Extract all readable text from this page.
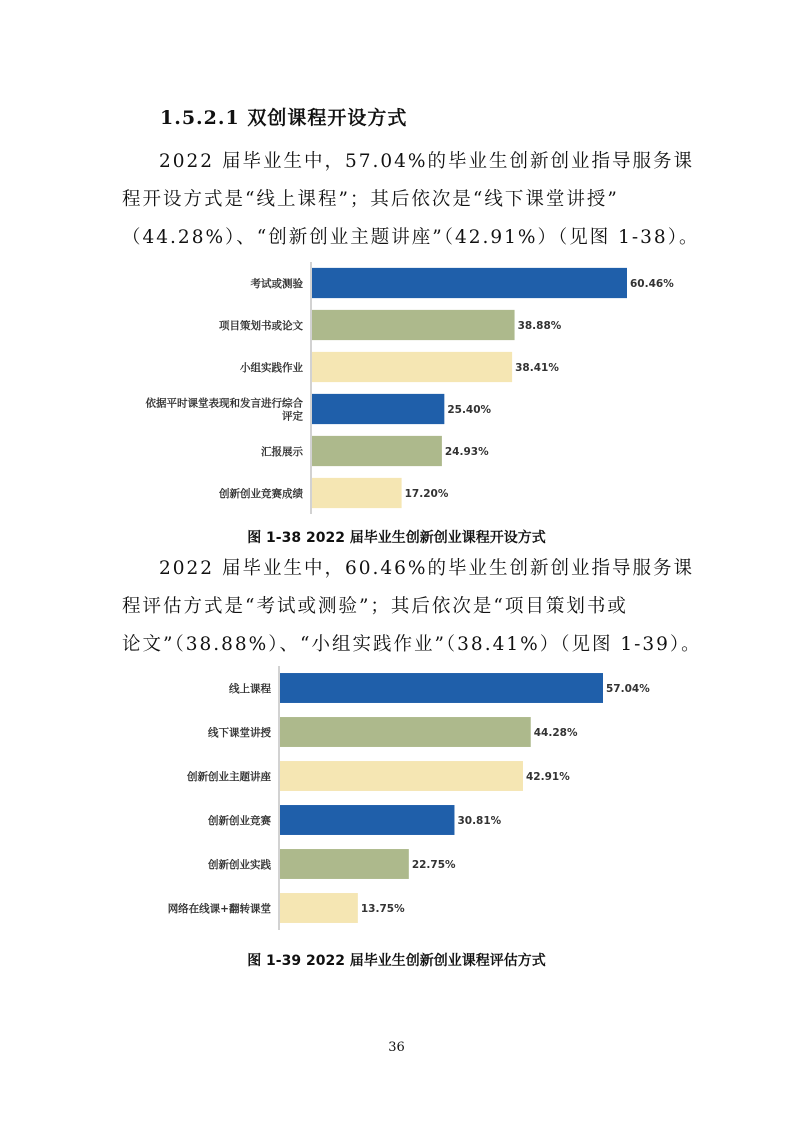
1.5.2.1 双创课程开设方式

2022 届毕业生中，57.04%的毕业生创新创业指导服务课
程开设方式是“线上课程”；其后依次是“线下课堂讲授”
（44.28%）、“创新创业主题讲座”（42.91%）（见图 1-38）。

60.46%
考试或测验
38.88%
项目策划书或论文
38.41%
小组实践作业
25.40%
依据平时课堂表现和发言进行综合评定
24.93%
汇报展示
17.20%
创新创业竞赛成绩
图 1-38 2022 届毕业生创新创业课程开设方式

2022 届毕业生中，60.46%的毕业生创新创业指导服务课
程评估方式是“考试或测验”；其后依次是“项目策划书或
论文”（38.88%）、“小组实践作业”（38.41%）（见图 1-39）。

57.04%
线上课程
44.28%
线下课堂讲授
42.91%
创新创业主题讲座
30.81%
创新创业竞赛
22.75%
创新创业实践
13.75%
网络在线课+翻转课堂
图 1-39 2022 届毕业生创新创业课程评估方式
36
